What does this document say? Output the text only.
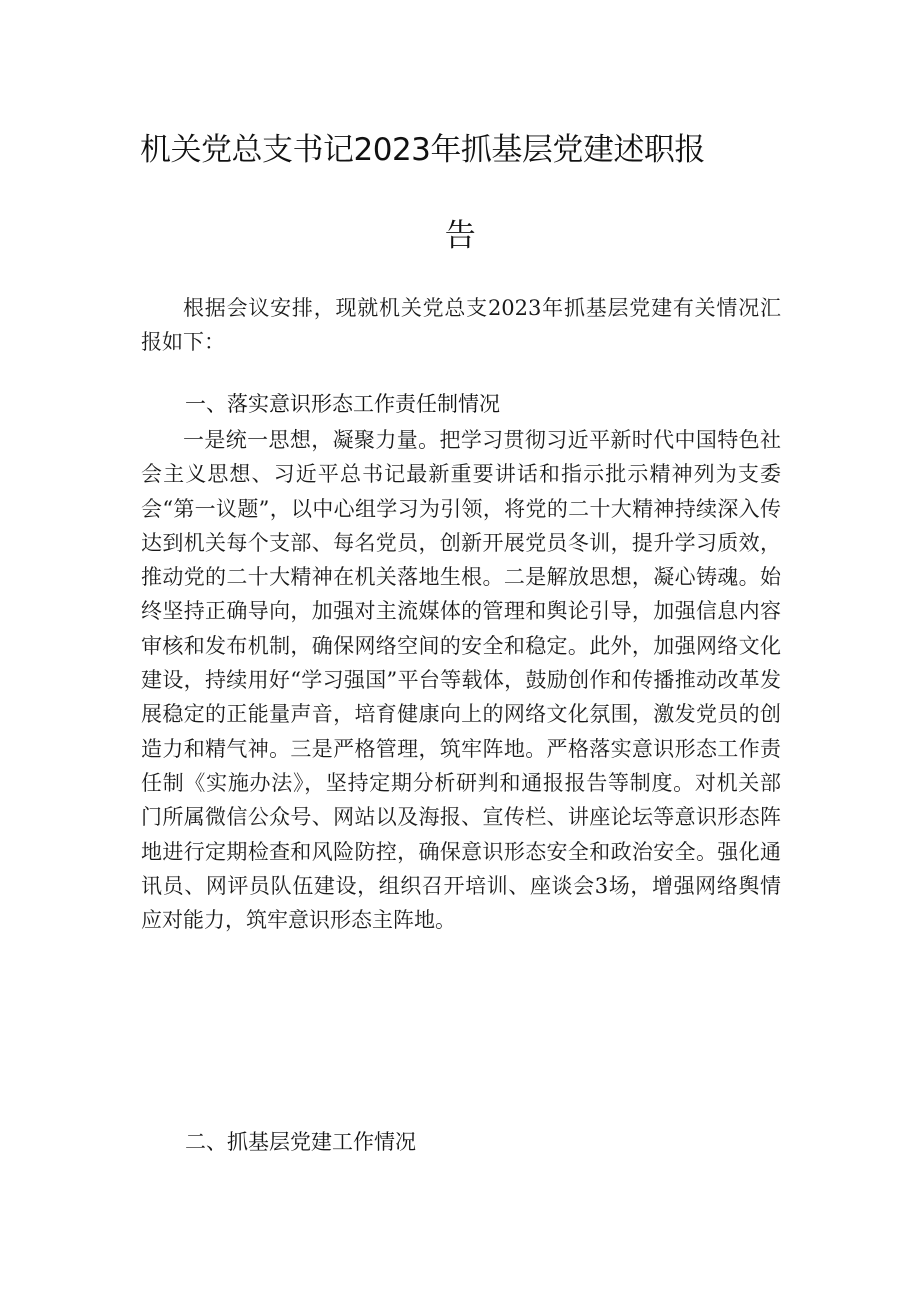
机关党总支书记2023年抓基层党建述职报
告
根据会议安排，现就机关党总支2023年抓基层党建有关情况汇报如下：
一、落实意识形态工作责任制情况
一是统一思想，凝聚力量。把学习贯彻习近平新时代中国特色社会主义思想、习近平总书记最新重要讲话和指示批示精神列为支委会“第一议题”，以中心组学习为引领，将党的二十大精神持续深入传达到机关每个支部、每名党员，创新开展党员冬训，提升学习质效，推动党的二十大精神在机关落地生根。二是解放思想，凝心铸魂。始终坚持正确导向，加强对主流媒体的管理和舆论引导，加强信息内容审核和发布机制，确保网络空间的安全和稳定。此外，加强网络文化建设，持续用好“学习强国”平台等载体，鼓励创作和传播推动改革发展稳定的正能量声音，培育健康向上的网络文化氛围，激发党员的创造力和精气神。三是严格管理，筑牢阵地。严格落实意识形态工作责任制《实施办法》，坚持定期分析研判和通报报告等制度。对机关部门所属微信公众号、网站以及海报、宣传栏、讲座论坛等意识形态阵地进行定期检查和风险防控，确保意识形态安全和政治安全。强化通讯员、网评员队伍建设，组织召开培训、座谈会3场，增强网络舆情应对能力，筑牢意识形态主阵地。
二、抓基层党建工作情况
